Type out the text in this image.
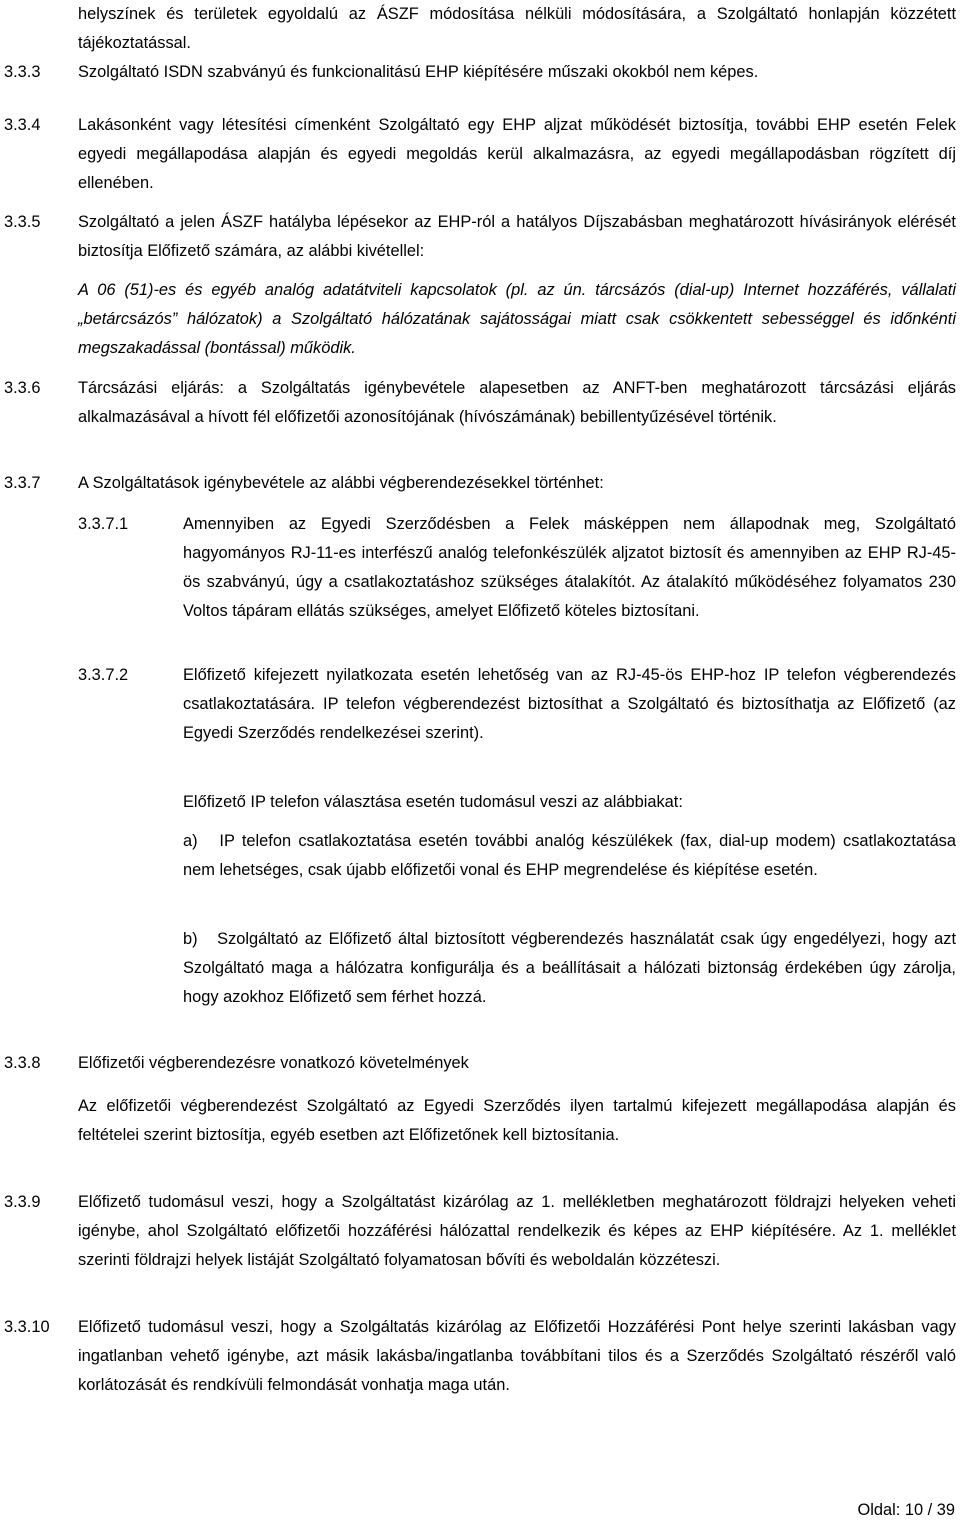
helyszínek és területek egyoldalú az ÁSZF módosítása nélküli módosítására, a Szolgáltató honlapján közzétett tájékoztatással.

3.3.3 Szolgáltató ISDN szabványú és funkcionalitású EHP kiépítésére műszaki okokból nem képes.

3.3.4 Lakásonként vagy létesítési címenként Szolgáltató egy EHP aljzat működését biztosítja, további EHP esetén Felek egyedi megállapodása alapján és egyedi megoldás kerül alkalmazásra, az egyedi megállapodásban rögzített díj ellenében.

3.3.5 Szolgáltató a jelen ÁSZF hatályba lépésekor az EHP-ról a hatályos Díjszabásban meghatározott hívásirányok elérését biztosítja Előfizető számára, az alábbi kivétellel:

A 06 (51)-es és egyéb analóg adatátviteli kapcsolatok (pl. az ún. tárcsázós (dial-up) Internet hozzáférés, vállalati „betárcsázós” hálózatok) a Szolgáltató hálózatának sajátosságai miatt csak csökkentett sebességgel és időnkénti megszakadással (bontással) működik.

3.3.6 Tárcsázási eljárás: a Szolgáltatás igénybevétele alapesetben az ANFT-ben meghatározott tárcsázási eljárás alkalmazásával a hívott fél előfizetői azonosítójának (hívószámának) bebillentyűzésével történik.

3.3.7 A Szolgáltatások igénybevétele az alábbi végberendezésekkel történhet:

3.3.7.1	Amennyiben az Egyedi Szerződésben a Felek másképpen nem állapodnak meg, Szolgáltató hagyományos RJ-11-es interfészű analóg telefonkészülék aljzatot biztosít és amennyiben az EHP RJ-45-ös szabványú, úgy a csatlakoztatáshoz szükséges átalakítót. Az átalakító működéséhez folyamatos 230 Voltos tápáram ellátás szükséges, amelyet Előfizető köteles biztosítani.

3.3.7.2	Előfizető kifejezett nyilatkozata esetén lehetőség van az RJ-45-ös EHP-hoz IP telefon végberendezés csatlakoztatására. IP telefon végberendezést biztosíthat a Szolgáltató és biztosíthatja az Előfizető (az Egyedi Szerződés rendelkezései szerint).

Előfizető IP telefon választása esetén tudomásul veszi az alábbiakat:

a)   IP telefon csatlakoztatása esetén további analóg készülékek (fax, dial-up modem) csatlakoztatása nem lehetséges, csak újabb előfizetői vonal és EHP megrendelése és kiépítése esetén.

b)   Szolgáltató az Előfizető által biztosított végberendezés használatát csak úgy engedélyezi, hogy azt Szolgáltató maga a hálózatra konfigurálja és a beállításait a hálózati biztonság érdekében úgy zárolja, hogy azokhoz Előfizető sem férhet hozzá.

3.3.8 Előfizetői végberendezésre vonatkozó követelmények

Az előfizetői végberendezést Szolgáltató az Egyedi Szerződés ilyen tartalmú kifejezett megállapodása alapján és feltételei szerint biztosítja, egyéb esetben azt Előfizetőnek kell biztosítania.

3.3.9 Előfizető tudomásul veszi, hogy a Szolgáltatást kizárólag az 1. mellékletben meghatározott földrajzi helyeken veheti igénybe, ahol Szolgáltató előfizetői hozzáférési hálózattal rendelkezik és képes az EHP kiépítésére. Az 1. melléklet szerinti földrajzi helyek listáját Szolgáltató folyamatosan bővíti és weboldalán közzéteszi.

3.3.10 Előfizető tudomásul veszi, hogy a Szolgáltatás kizárólag az Előfizetői Hozzáférési Pont helye szerinti lakásban vagy ingatlanban vehető igénybe, azt másik lakásba/ingatlanba továbbítani tilos és a Szerződés Szolgáltató részéről való korlátozását és rendkívüli felmondását vonhatja maga után.

Oldal: 10 / 39
